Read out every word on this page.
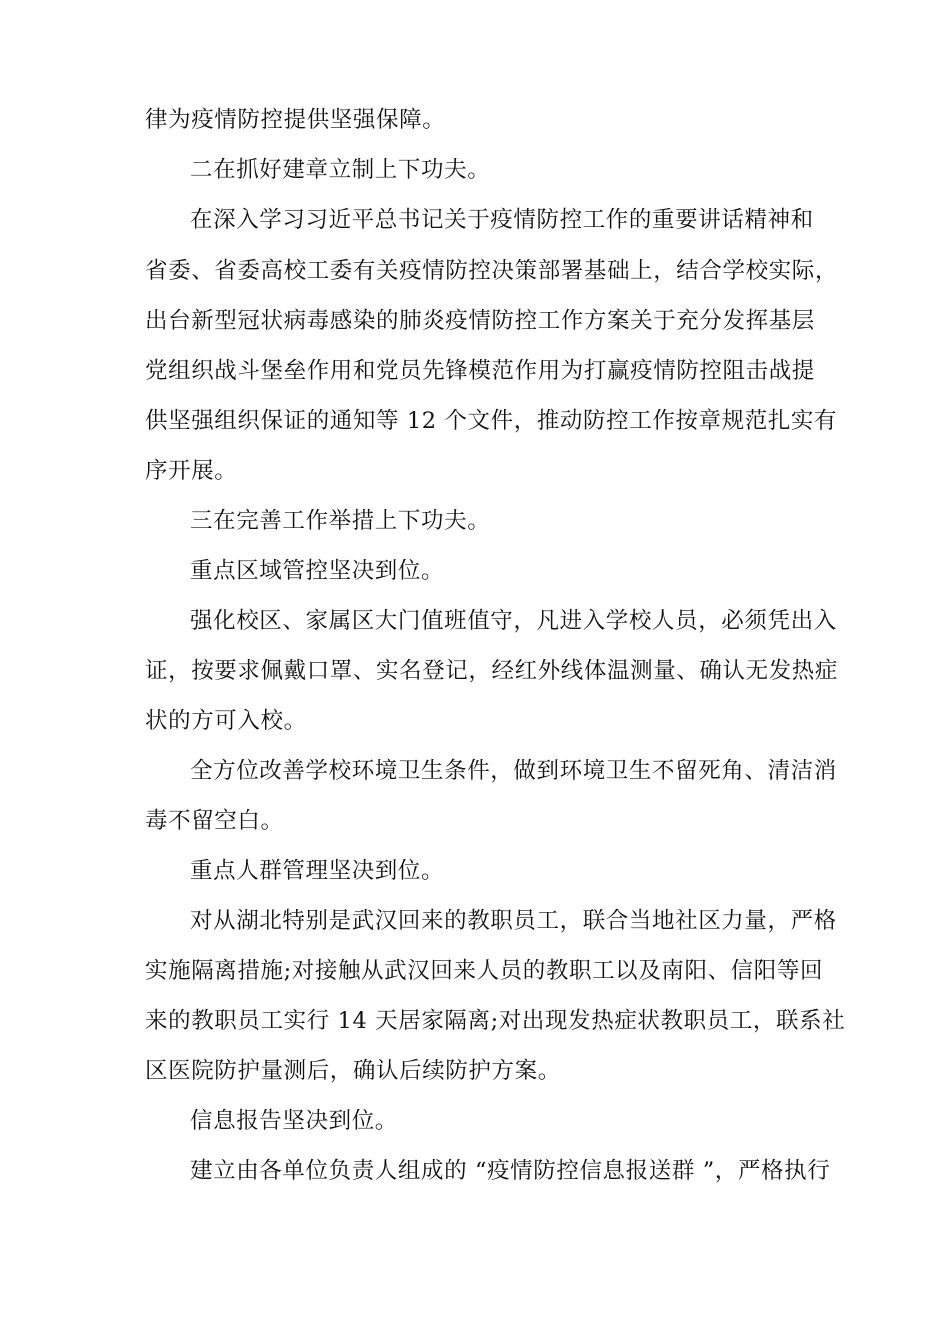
律为疫情防控提供坚强保障。
二在抓好建章立制上下功夫。
在深入学习习近平总书记关于疫情防控工作的重要讲话精神和
省委、省委高校工委有关疫情防控决策部署基础上，结合学校实际，
出台新型冠状病毒感染的肺炎疫情防控工作方案关于充分发挥基层
党组织战斗堡垒作用和党员先锋模范作用为打赢疫情防控阻击战提
供坚强组织保证的通知等 12 个文件，推动防控工作按章规范扎实有
序开展。
三在完善工作举措上下功夫。
重点区域管控坚决到位。
强化校区、家属区大门值班值守，凡进入学校人员，必须凭出入
证，按要求佩戴口罩、实名登记，经红外线体温测量、确认无发热症
状的方可入校。
全方位改善学校环境卫生条件，做到环境卫生不留死角、清洁消
毒不留空白。
重点人群管理坚决到位。
对从湖北特别是武汉回来的教职员工，联合当地社区力量，严格
实施隔离措施;对接触从武汉回来人员的教职工以及南阳、信阳等回
来的教职员工实行 14 天居家隔离;对出现发热症状教职员工，联系社
区医院防护量测后，确认后续防护方案。
信息报告坚决到位。
建立由各单位负责人组成的 “疫情防控信息报送群 ”，严格执行
